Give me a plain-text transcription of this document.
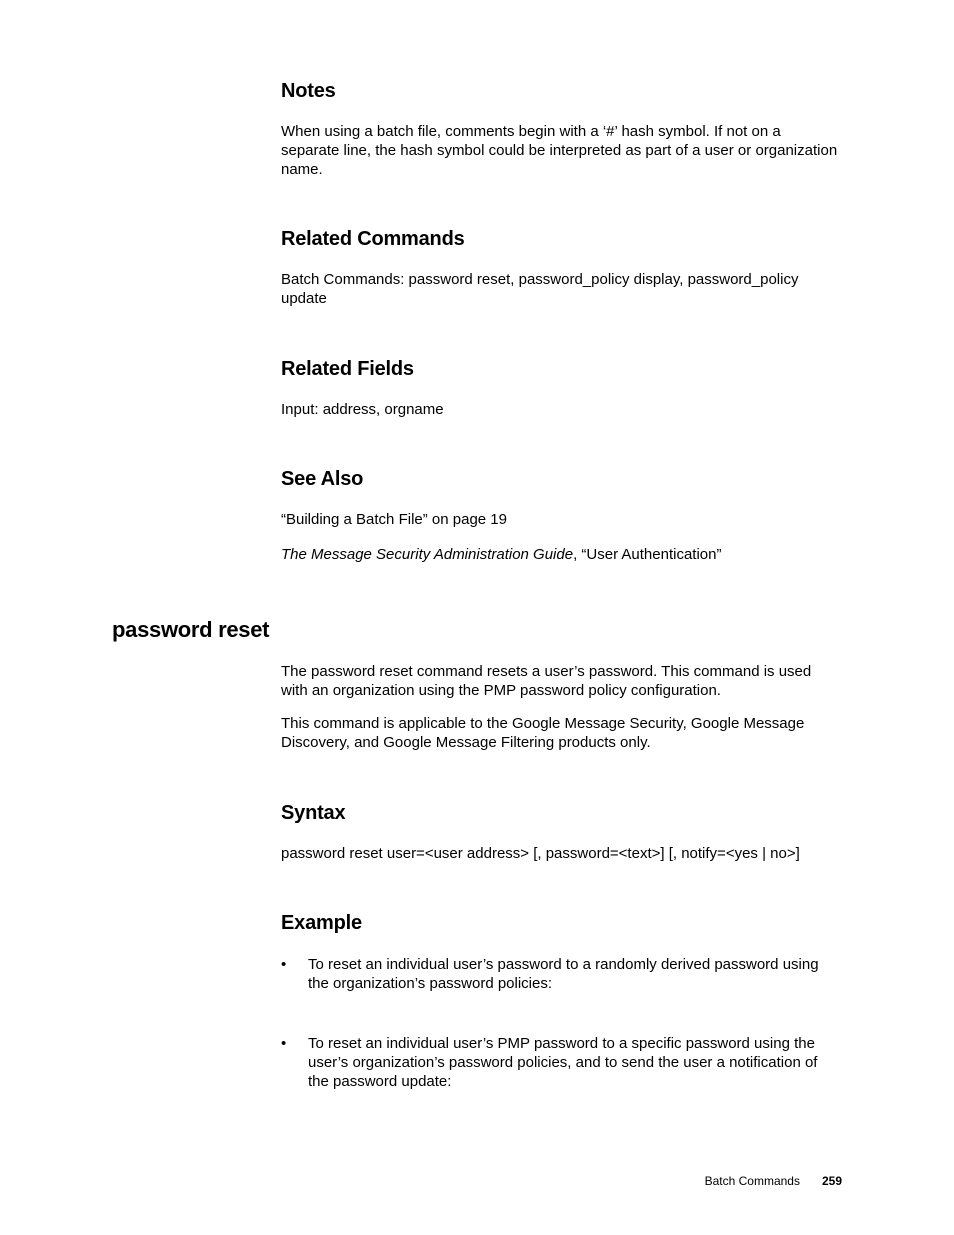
Notes

When using a batch file, comments begin with a ‘#’ hash symbol. If not on a separate line, the hash symbol could be interpreted as part of a user or organization name.

Related Commands

Batch Commands: password reset, password_policy display, password_policy update

Related Fields

Input: address, orgname

See Also

“Building a Batch File” on page 19

The Message Security Administration Guide, “User Authentication”

password reset

The password reset command resets a user’s password. This command is used with an organization using the PMP password policy configuration.

This command is applicable to the Google Message Security, Google Message Discovery, and Google Message Filtering products only.

Syntax

password reset user=<user address> [, password=<text>] [, notify=<yes | no>]

Example
• To reset an individual user’s password to a randomly derived password using the organization’s password policies:
• To reset an individual user’s PMP password to a specific password using the user’s organization’s password policies, and to send the user a notification of the password update:
Batch Commands 259
